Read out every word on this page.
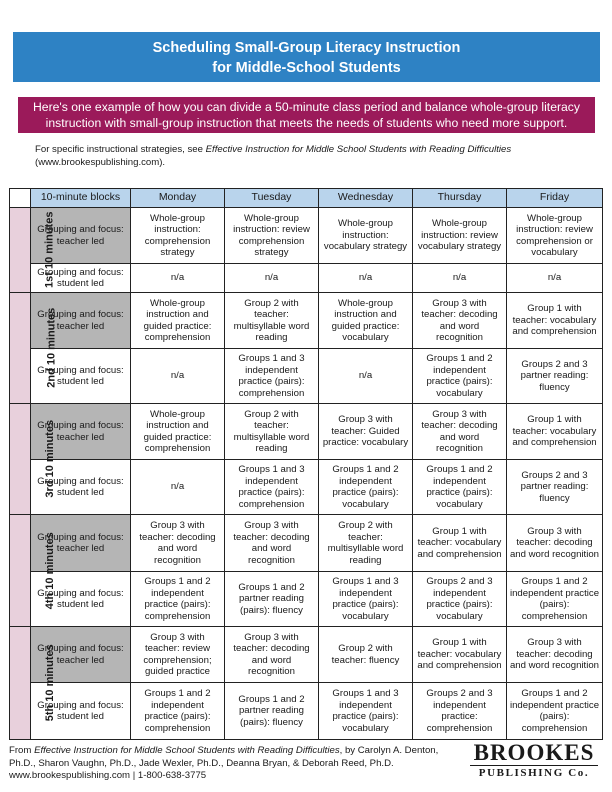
Scheduling Small-Group Literacy Instruction
for Middle-School Students
Here's one example of how you can divide a 50-minute class period and balance whole-group literacy instruction with small-group instruction that meets the needs of students who need more support.
For specific instructional strategies, see Effective Instruction for Middle School Students with Reading Difficulties (www.brookespublishing.com).
	10-minute blocks	Monday	Tuesday	Wednesday	Thursday	Friday
1st 10 minutes	Grouping and focus: teacher led	Whole-group instruction: comprehension strategy	Whole-group instruction: review comprehension strategy	Whole-group instruction: vocabulary strategy	Whole-group instruction: review vocabulary strategy	Whole-group instruction: review comprehension or vocabulary
	Grouping and focus: student led	n/a	n/a	n/a	n/a	n/a
2nd 10 minutes	Grouping and focus: teacher led	Whole-group instruction and guided practice: comprehension	Group 2 with teacher: multisyllable word reading	Whole-group instruction and guided practice: vocabulary	Group 3 with teacher: decoding and word recognition	Group 1 with teacher: vocabulary and comprehension
	Grouping and focus: student led	n/a	Groups 1 and 3 independent practice (pairs): comprehension	n/a	Groups 1 and 2 independent practice (pairs): vocabulary	Groups 2 and 3 partner reading: fluency
3rd 10 minutes	Grouping and focus: teacher led	Whole-group instruction and guided practice: comprehension	Group 2 with teacher: multisyllable word reading	Group 3 with teacher: Guided practice: vocabulary	Group 3 with teacher: decoding and word recognition	Group 1 with teacher: vocabulary and comprehension
	Grouping and focus: student led	n/a	Groups 1 and 3 independent practice (pairs): comprehension	Groups 1 and 2 independent practice (pairs): vocabulary	Groups 1 and 2 independent practice (pairs): vocabulary	Groups 2 and 3 partner reading: fluency
4th 10 minutes	Grouping and focus: teacher led	Group 3 with teacher: decoding and word recognition	Group 3 with teacher: decoding and word recognition	Group 2 with teacher: multisyllable word reading	Group 1 with teacher: vocabulary and comprehension	Group 3 with teacher: decoding and word recognition
	Grouping and focus: student led	Groups 1 and 2 independent practice (pairs): comprehension	Groups 1 and 2 partner reading (pairs): fluency	Groups 1 and 3 independent practice (pairs): vocabulary	Groups 2 and 3 independent practice (pairs): vocabulary	Groups 1 and 2 independent practice (pairs): comprehension
5th 10 minutes	Grouping and focus: teacher led	Group 3 with teacher: review comprehension; guided practice	Group 3 with teacher: decoding and word recognition	Group 2 with teacher: fluency	Group 1 with teacher: vocabulary and comprehension	Group 3 with teacher: decoding and word recognition
	Grouping and focus: student led	Groups 1 and 2 independent practice (pairs): comprehension	Groups 1 and 2 partner reading (pairs): fluency	Groups 1 and 3 independent practice (pairs): vocabulary	Groups 2 and 3 independent practice: comprehension	Groups 1 and 2 independent practice (pairs): comprehension
From Effective Instruction for Middle School Students with Reading Difficulties, by Carolyn A. Denton, Ph.D., Sharon Vaughn, Ph.D., Jade Wexler, Ph.D., Deanna Bryan, & Deborah Reed, Ph.D.
www.brookespublishing.com | 1-800-638-3775
BROOKES
PUBLISHING Co.
